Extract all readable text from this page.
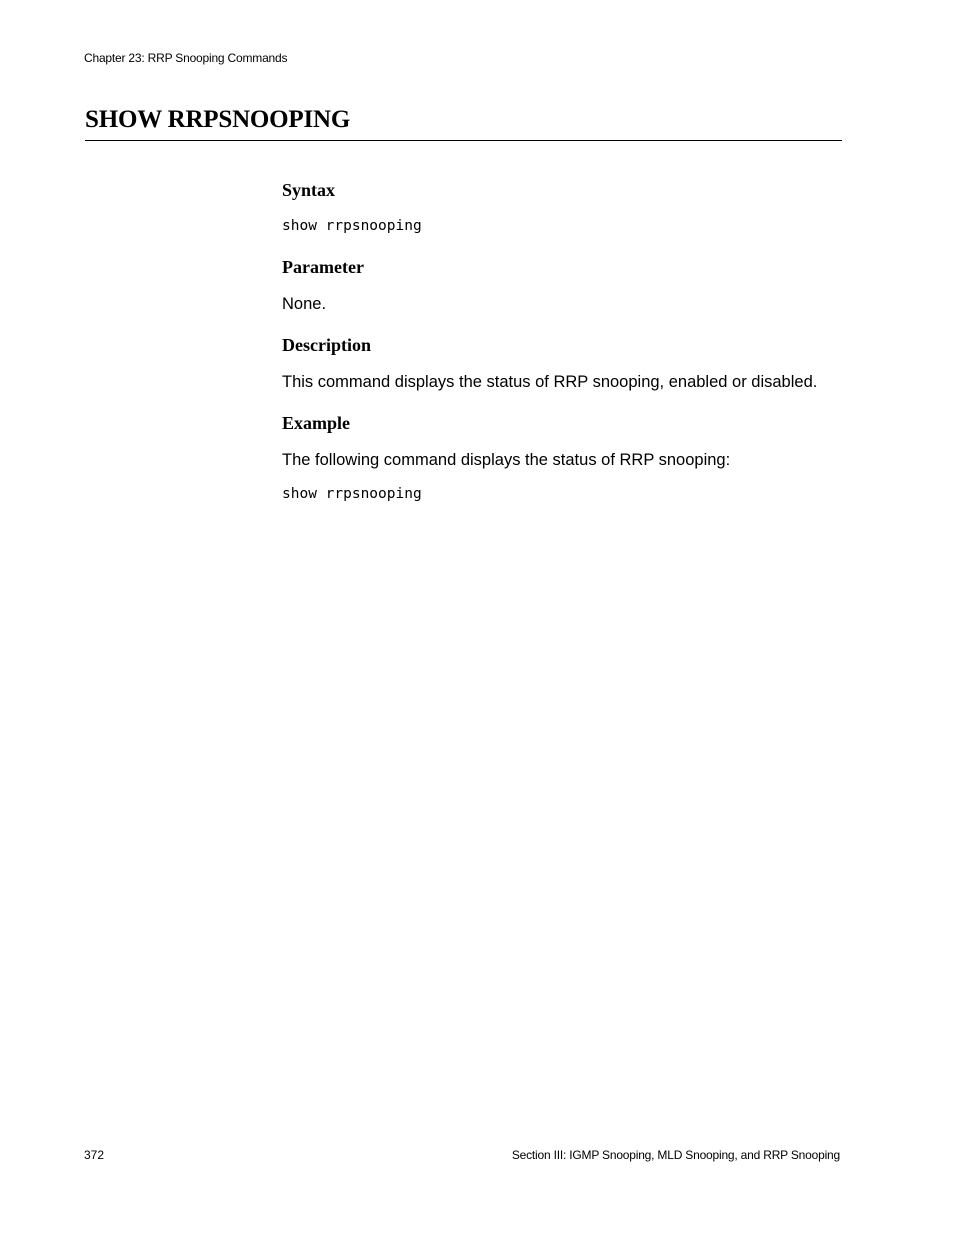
Chapter 23: RRP Snooping Commands
SHOW RRPSNOOPING
Syntax
show rrpsnooping
Parameter

None.

Description

This command displays the status of RRP snooping, enabled or disabled.

Example

The following command displays the status of RRP snooping:

show rrpsnooping
372	Section III: IGMP Snooping, MLD Snooping, and RRP Snooping
